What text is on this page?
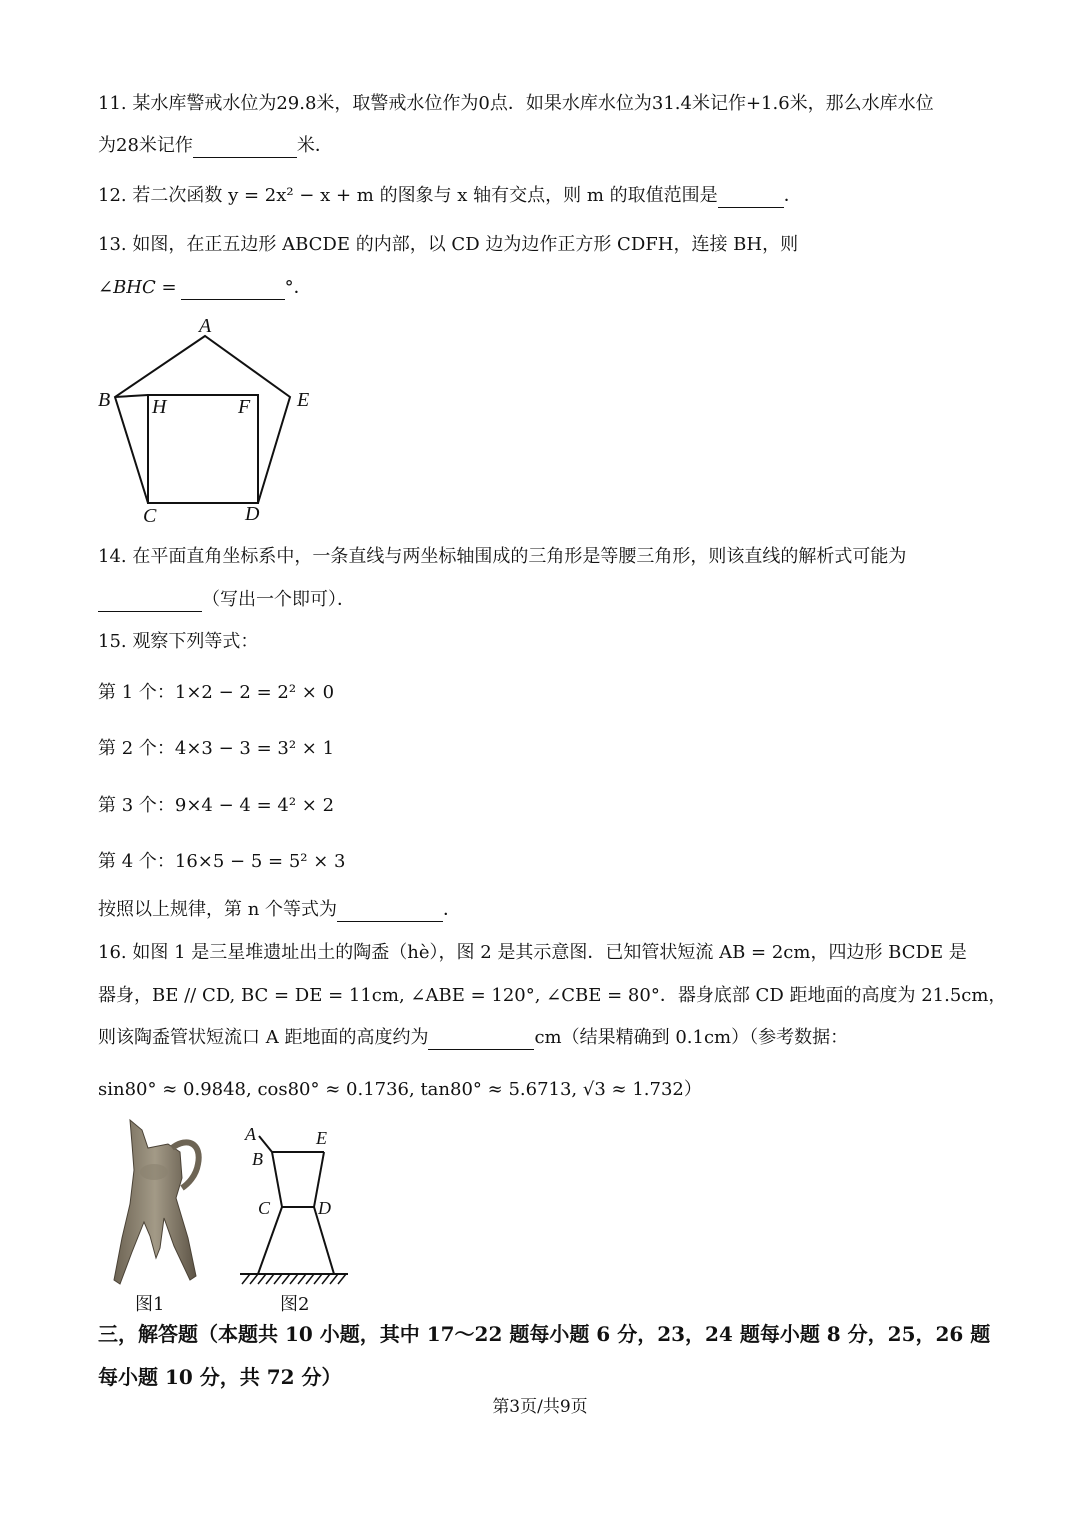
11. 某水库警戒水位为29.8米，取警戒水位作为0点．如果水库水位为31.4米记作+1.6米，那么水库水位
为28米记作	米．
12. 若二次函数 y = 2x² − x + m 的图象与 x 轴有交点，则 m 的取值范围是	．
13. 如图，在正五边形 ABCDE 的内部，以 CD 边为边作正方形 CDFH，连接 BH，则
∠BHC =	°．
A
B H	F E
C	D
14. 在平面直角坐标系中，一条直线与两坐标轴围成的三角形是等腰三角形，则该直线的解析式可能为
（写出一个即可）．
15. 观察下列等式：
第 1 个：1×2 − 2 = 2² × 0
第 2 个：4×3 − 3 = 3² × 1
第 3 个：9×4 − 4 = 4² × 2
第 4 个：16×5 − 5 = 5² × 3
按照以上规律，第 n 个等式为	．
16. 如图 1 是三星堆遗址出土的陶盉（hè），图 2 是其示意图．已知管状短流 AB = 2cm，四边形 BCDE 是
器身，BE // CD, BC = DE = 11cm, ∠ABE = 120°, ∠CBE = 80°．器身底部 CD 距地面的高度为 21.5cm，
则该陶盉管状短流口 A 距地面的高度约为	cm（结果精确到 0.1cm）（参考数据：
sin80° ≈ 0.9848, cos80° ≈ 0.1736, tan80° ≈ 5.6713, √3 ≈ 1.732）
A
B
E
C	D
图1	图2
三，解答题（本题共 10 小题，其中 17～22 题每小题 6 分，23，24 题每小题 8 分，25，26 题
每小题 10 分，共 72 分）
第3页/共9页
